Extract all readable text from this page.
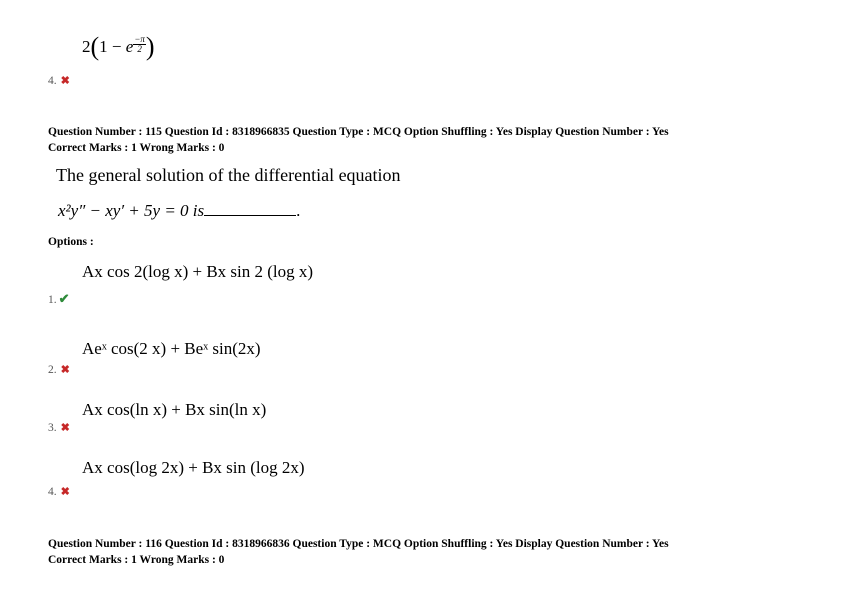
2(1 − e $\frac{-\pi}{2}$ )
4. ✖
Question Number : 115 Question Id : 8318966835 Question Type : MCQ Option Shuffling : Yes Display Question Number : Yes
Correct Marks : 1 Wrong Marks : 0
The general solution of the differential equation
x²y″ − xy′ + 5y = 0 is	.
Options :
Ax cos 2(log x) + Bx sin 2 (log x)
1. ✔
Aeˣ cos(2 x) + Beˣ sin(2x)
2. ✖
Ax cos(ln x) + Bx sin(ln x)
3. ✖
Ax cos(log 2x) + Bx sin (log 2x)
4. ✖
Question Number : 116 Question Id : 8318966836 Question Type : MCQ Option Shuffling : Yes Display Question Number : Yes
Correct Marks : 1 Wrong Marks : 0
